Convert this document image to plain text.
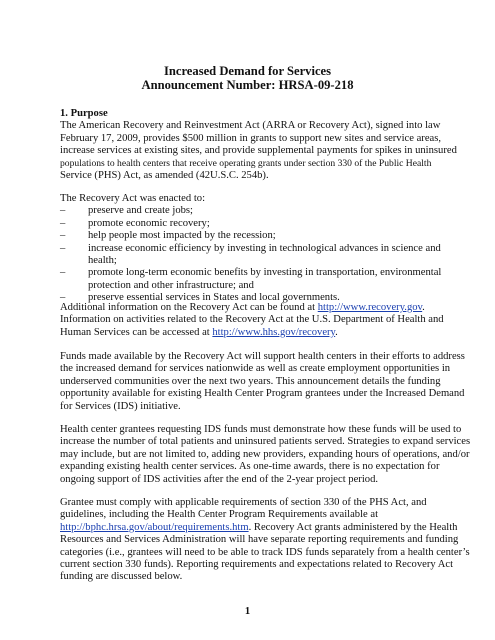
Increased Demand for Services
Announcement Number: HRSA-09-218
1. Purpose
The American Recovery and Reinvestment Act (ARRA or Recovery Act), signed into law
February 17, 2009, provides $500 million in grants to support new sites and service areas,
increase services at existing sites, and provide supplemental payments for spikes in uninsured
populations to health centers that receive operating grants under section 330 of the Public Health
Service (PHS) Act, as amended (42U.S.C. 254b).
The Recovery Act was enacted to:
– preserve and create jobs;
– promote economic recovery;
– help people most impacted by the recession;
– increase economic efficiency by investing in technological advances in science and
health;
– promote long-term economic benefits by investing in transportation, environmental
protection and other infrastructure; and
– preserve essential services in States and local governments.
Additional information on the Recovery Act can be found at http://www.recovery.gov.
Information on activities related to the Recovery Act at the U.S. Department of Health and
Human Services can be accessed at http://www.hhs.gov/recovery.
Funds made available by the Recovery Act will support health centers in their efforts to address
the increased demand for services nationwide as well as create employment opportunities in
underserved communities over the next two years. This announcement details the funding
opportunity available for existing Health Center Program grantees under the Increased Demand
for Services (IDS) initiative.
Health center grantees requesting IDS funds must demonstrate how these funds will be used to
increase the number of total patients and uninsured patients served. Strategies to expand services
may include, but are not limited to, adding new providers, expanding hours of operations, and/or
expanding existing health center services. As one-time awards, there is no expectation for
ongoing support of IDS activities after the end of the 2-year project period.
Grantee must comply with applicable requirements of section 330 of the PHS Act, and
guidelines, including the Health Center Program Requirements available at
http://bphc.hrsa.gov/about/requirements.htm. Recovery Act grants administered by the Health
Resources and Services Administration will have separate reporting requirements and funding
categories (i.e., grantees will need to be able to track IDS funds separately from a health center’s
current section 330 funds). Reporting requirements and expectations related to Recovery Act
funding are discussed below.
1
